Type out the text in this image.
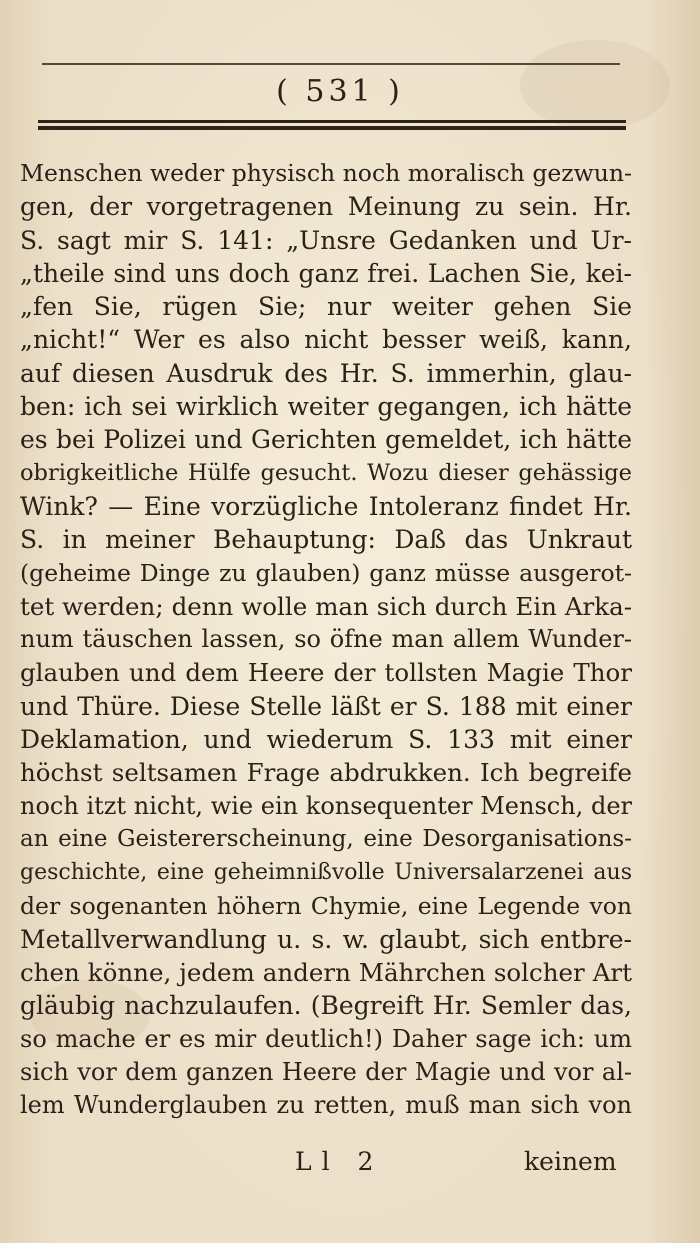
( 531 )
Menschen weder physisch noch moralisch gezwun-
gen, der vorgetragenen Meinung zu sein. Hr.
S. sagt mir S. 141: „Unsre Gedanken und Ur-
„theile sind uns doch ganz frei. Lachen Sie, kei-
„fen Sie, rügen Sie; nur weiter gehen Sie
„nicht!“ Wer es also nicht besser weiß, kann,
auf diesen Ausdruk des Hr. S. immerhin, glau-
ben: ich sei wirklich weiter gegangen, ich hätte
es bei Polizei und Gerichten gemeldet, ich hätte
obrigkeitliche Hülfe gesucht. Wozu dieser gehässige
Wink? — Eine vorzügliche Intoleranz findet Hr.
S. in meiner Behauptung: Daß das Unkraut
(geheime Dinge zu glauben) ganz müsse ausgerot-
tet werden; denn wolle man sich durch Ein Arka-
num täuschen lassen, so öfne man allem Wunder-
glauben und dem Heere der tollsten Magie Thor
und Thüre. Diese Stelle läßt er S. 188 mit einer
Deklamation, und wiederum S. 133 mit einer
höchst seltsamen Frage abdrukken. Ich begreife
noch itzt nicht, wie ein konsequenter Mensch, der
an eine Geistererscheinung, eine Desorganisations-
geschichte, eine geheimnißvolle Universalarzenei aus
der sogenanten höhern Chymie, eine Legende von
Metallverwandlung u. s. w. glaubt, sich entbre-
chen könne, jedem andern Mährchen solcher Art
gläubig nachzulaufen. (Begreift Hr. Semler das,
so mache er es mir deutlich!) Daher sage ich: um
sich vor dem ganzen Heere der Magie und vor al-
lem Wunderglauben zu retten, muß man sich von
Ll 2	keinem
